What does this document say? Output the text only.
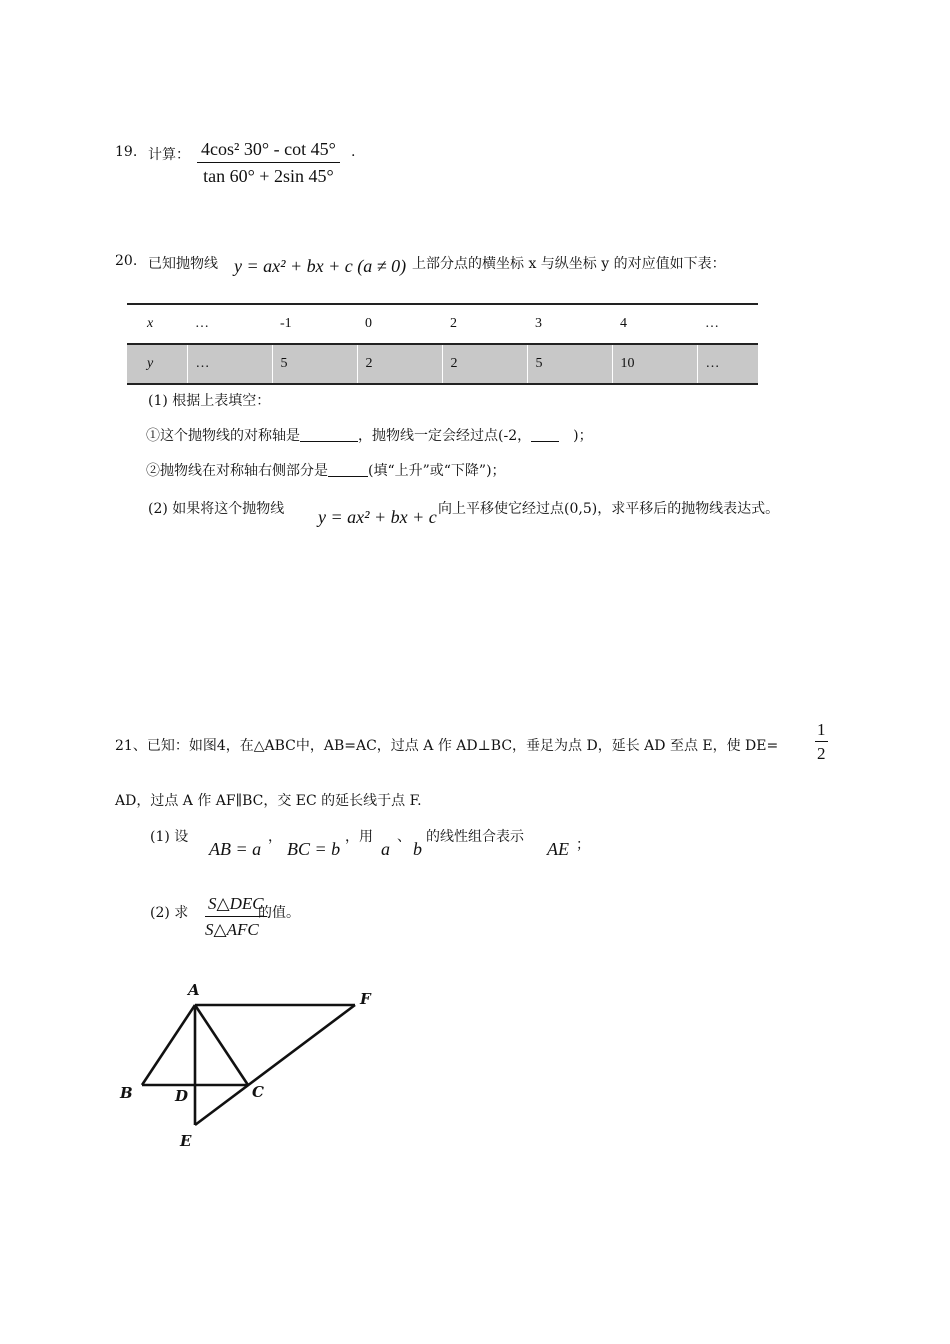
19. 计算： $\frac{\text{4cos² 30° - cot 45°}}{\tan 60^\circ + 2\sin 45^\circ}$ .
20. 已知抛物线 y = ax² + bx + c (a ≠ 0) 上部分点的横坐标 x 与纵坐标 y 的对应值如下表：
x	…	-1	0	2	3	4	…
y	…	5	2	2	5	10	…
(1) 根据上表填空：
①这个抛物线的对称轴是	，抛物线一定会经过点(-2，	)；
②抛物线在对称轴右侧部分是	(填“上升”或“下降”)；
(2) 如果将这个抛物线 y = ax² + bx + c 向上平移使它经过点(0,5)，求平移后的抛物线表达式。
21、已知：如图4，在△ABC中，AB=AC，过点 A 作 AD⊥BC，垂足为点 D，延长 AD 至点 E，使 $DE= \frac{1}{2}$
AD，过点 A 作 AF∥BC，交 EC 的延长线于点 F.
(1) 设
AB = a
，
BC = b
，用
a
、
b
的线性组合表示
AE ；
(2) 求 S△DEC
S△AFC
的值。
A
B	C
D
E
F
